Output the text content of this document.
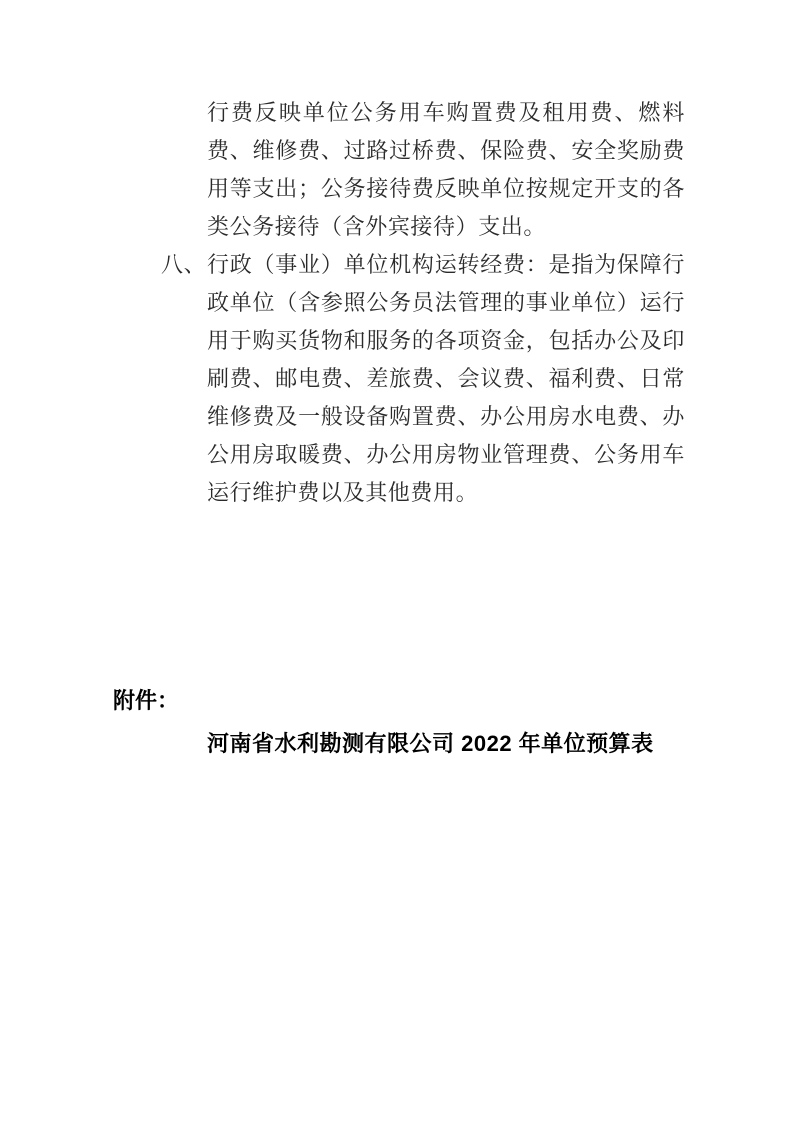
行费反映单位公务用车购置费及租用费、燃料费、维修费、过路过桥费、保险费、安全奖励费用等支出；公务接待费反映单位按规定开支的各类公务接待（含外宾接待）支出。
八、 行政（事业）单位机构运转经费：是指为保障行政单位（含参照公务员法管理的事业单位）运行用于购买货物和服务的各项资金，包括办公及印刷费、邮电费、差旅费、会议费、福利费、日常维修费及一般设备购置费、办公用房水电费、办公用房取暖费、办公用房物业管理费、公务用车运行维护费以及其他费用。
附件：
河南省水利勘测有限公司 2022 年单位预算表
